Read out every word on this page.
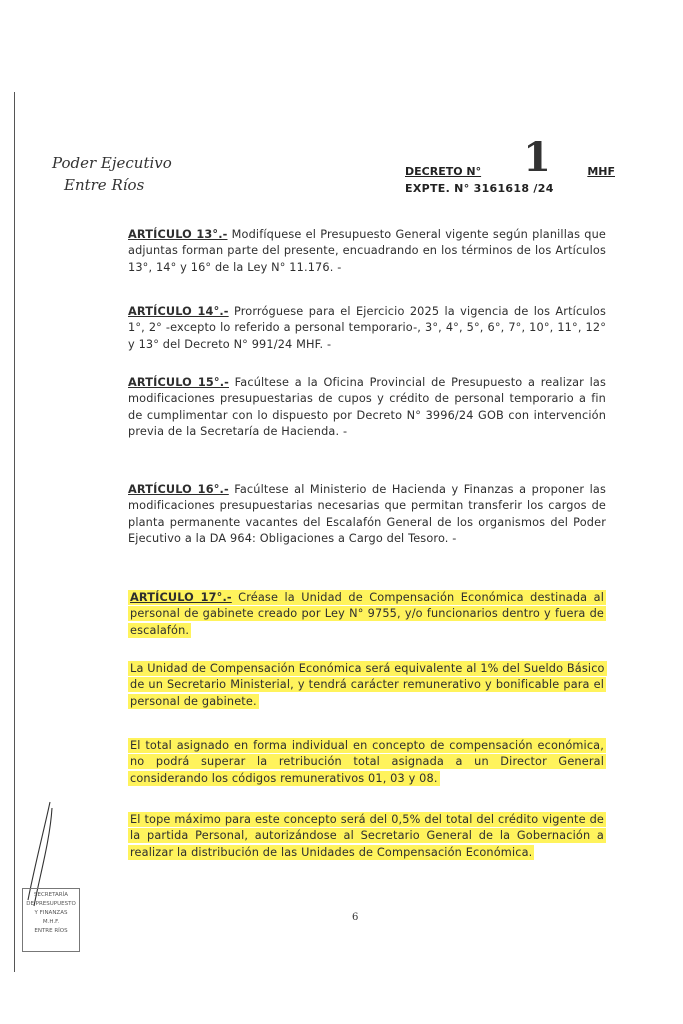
Poder Ejecutivo
Entre Ríos
DECRETO N° 1	MHF
EXPTE. N° 3161618 /24
ARTÍCULO 13°.- Modifíquese el Presupuesto General vigente según planillas que adjuntas forman parte del presente, encuadrando en los términos de los Artículos 13°, 14° y 16° de la Ley N° 11.176. -
ARTÍCULO 14°.- Prorróguese para el Ejercicio 2025 la vigencia de los Artículos 1°, 2° -excepto lo referido a personal temporario-, 3°, 4°, 5°, 6°, 7°, 10°, 11°, 12° y 13° del Decreto N° 991/24 MHF. -
ARTÍCULO 15°.- Facúltese a la Oficina Provincial de Presupuesto a realizar las modificaciones presupuestarias de cupos y crédito de personal temporario a fin de cumplimentar con lo dispuesto por Decreto N° 3996/24 GOB con intervención previa de la Secretaría de Hacienda. -
ARTÍCULO 16°.- Facúltese al Ministerio de Hacienda y Finanzas a proponer las modificaciones presupuestarias necesarias que permitan transferir los cargos de planta permanente vacantes del Escalafón General de los organismos del Poder Ejecutivo a la DA 964: Obligaciones a Cargo del Tesoro. -
ARTÍCULO 17°.- Créase la Unidad de Compensación Económica destinada al personal de gabinete creado por Ley N° 9755, y/o funcionarios dentro y fuera de escalafón.
La Unidad de Compensación Económica será equivalente al 1% del Sueldo Básico de un Secretario Ministerial, y tendrá carácter remunerativo y bonificable para el personal de gabinete.
El total asignado en forma individual en concepto de compensación económica, no podrá superar la retribución total asignada a un Director General considerando los códigos remunerativos 01, 03 y 08.
El tope máximo para este concepto será del 0,5% del total del crédito vigente de la partida Personal, autorizándose al Secretario General de la Gobernación a realizar la distribución de las Unidades de Compensación Económica.
6
SECRETARÍA
DE PRESUPUESTO
Y FINANZAS
M.H.F.
ENTRE RÍOS
